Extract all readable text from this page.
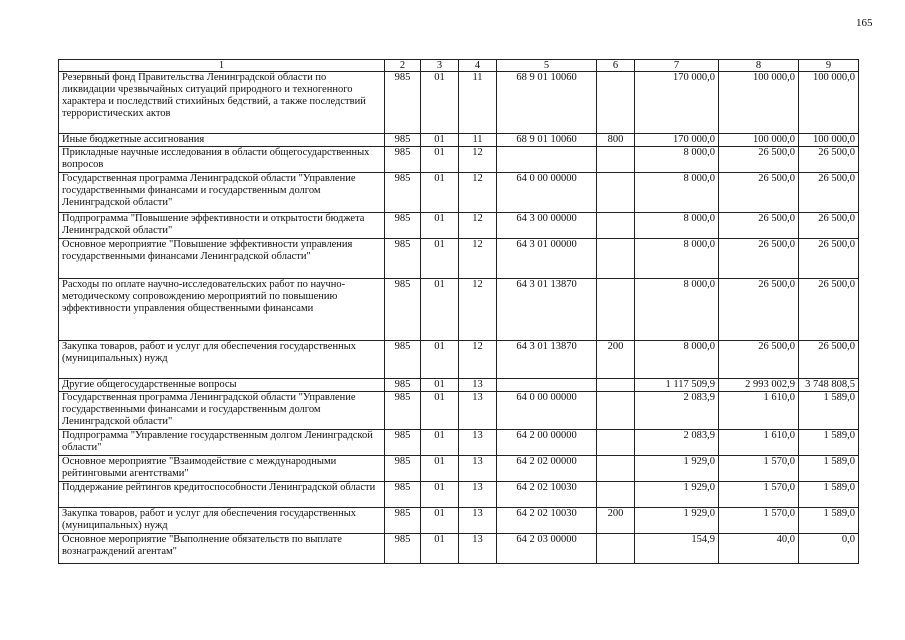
165
1	2	3	4	5	6	7	8	9
Резервный фонд Правительства Ленинградской области по ликвидации чрезвычайных ситуаций природного и техногенного характера и последствий стихийных бедствий, а также последствий террористических актов	985	01	11	68 9 01 10060		170 000,0	100 000,0	100 000,0
Иные бюджетные ассигнования	985	01	11	68 9 01 10060	800	170 000,0	100 000,0	100 000,0
Прикладные научные исследования в области общегосударственных вопросов	985	01	12			8 000,0	26 500,0	26 500,0
Государственная программа Ленинградской области "Управление государственными финансами и государственным долгом Ленинградской области"	985	01	12	64 0 00 00000		8 000,0	26 500,0	26 500,0
Подпрограмма "Повышение эффективности и открытости бюджета Ленинградской области"	985	01	12	64 3 00 00000		8 000,0	26 500,0	26 500,0
Основное мероприятие "Повышение эффективности управления государственными финансами Ленинградской области"	985	01	12	64 3 01 00000		8 000,0	26 500,0	26 500,0
Расходы по оплате научно-исследовательских работ по научно-методическому сопровождению мероприятий по повышению эффективности управления общественными финансами	985	01	12	64 3 01 13870		8 000,0	26 500,0	26 500,0
Закупка товаров, работ и услуг для обеспечения государственных (муниципальных) нужд	985	01	12	64 3 01 13870	200	8 000,0	26 500,0	26 500,0
Другие общегосударственные вопросы	985	01	13			1 117 509,9	2 993 002,9	3 748 808,5
Государственная программа Ленинградской области "Управление государственными финансами и государственным долгом Ленинградской области"	985	01	13	64 0 00 00000		2 083,9	1 610,0	1 589,0
Подпрограмма "Управление государственным долгом Ленинградской области"	985	01	13	64 2 00 00000		2 083,9	1 610,0	1 589,0
Основное мероприятие "Взаимодействие с международными рейтинговыми агентствами"	985	01	13	64 2 02 00000		1 929,0	1 570,0	1 589,0
Поддержание рейтингов кредитоспособности Ленинградской области	985	01	13	64 2 02 10030		1 929,0	1 570,0	1 589,0
Закупка товаров, работ и услуг для обеспечения государственных (муниципальных) нужд	985	01	13	64 2 02 10030	200	1 929,0	1 570,0	1 589,0
Основное мероприятие "Выполнение обязательств по выплате вознаграждений агентам"	985	01	13	64 2 03 00000		154,9	40,0	0,0
